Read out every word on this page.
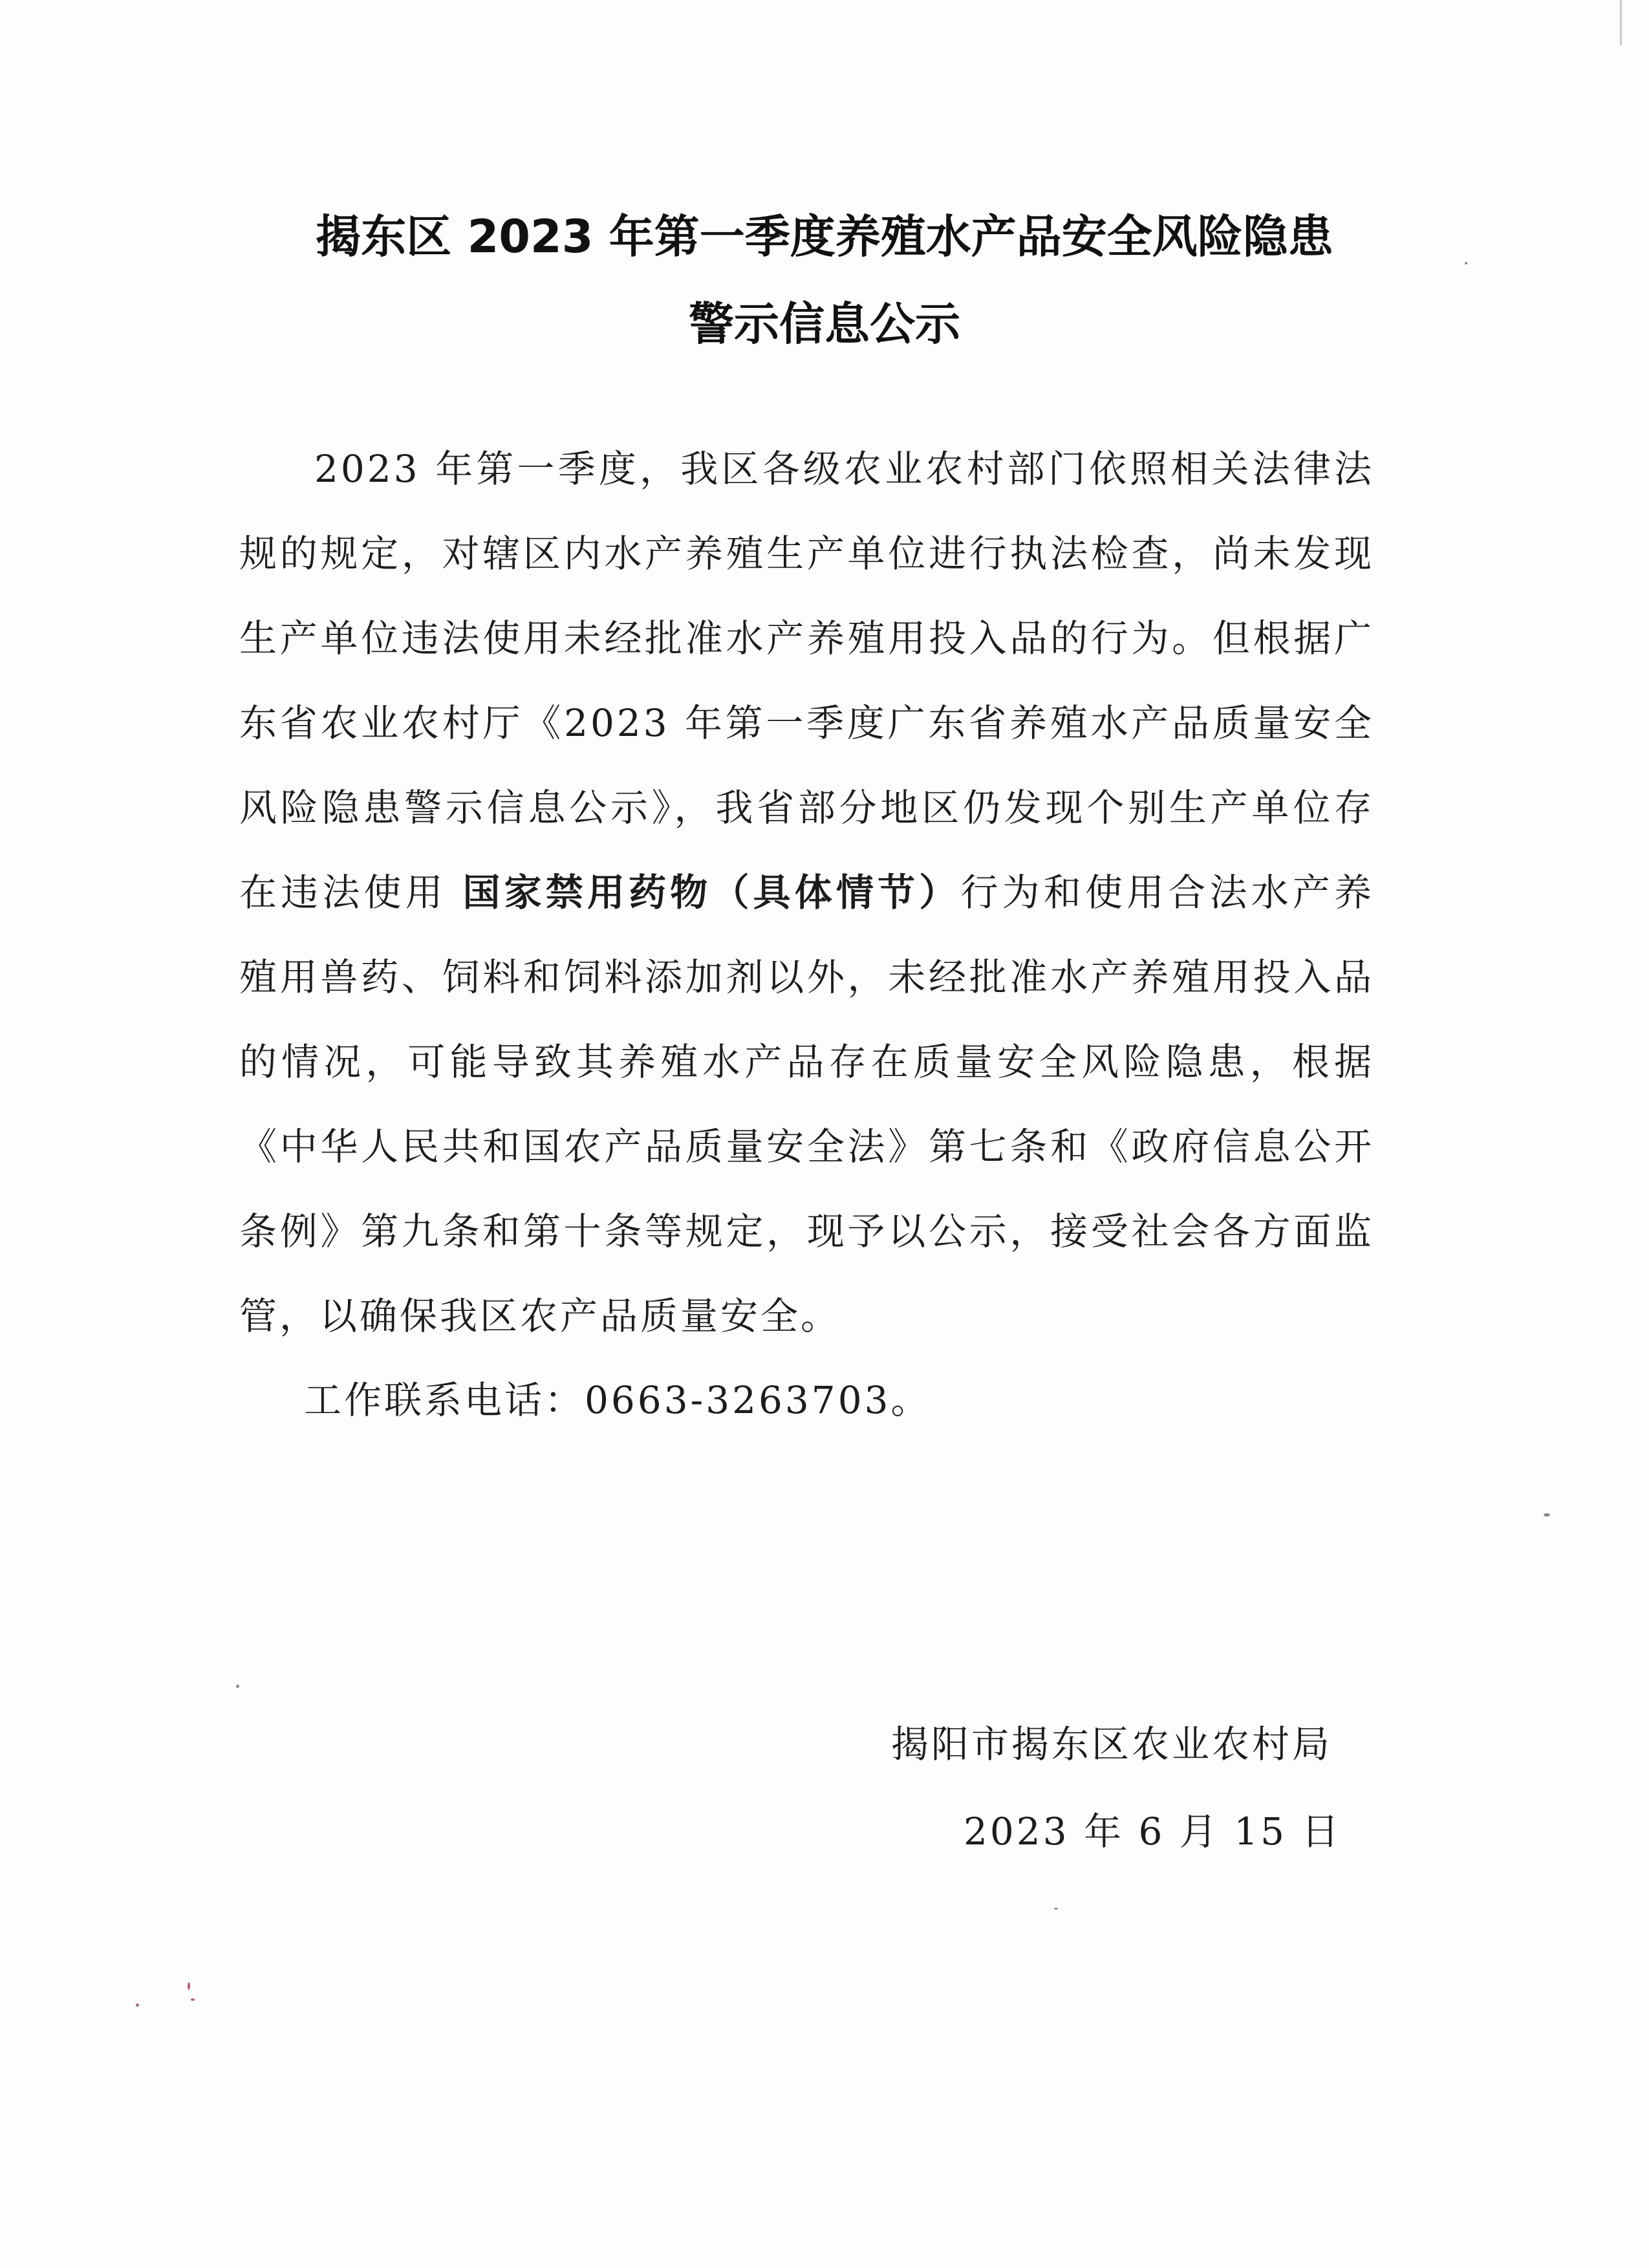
揭东区 2023 年第一季度养殖水产品安全风险隐患
警示信息公示

2023 年第一季度，我区各级农业农村部门依照相关法律法规的规定，对辖区内水产养殖生产单位进行执法检查，尚未发现生产单位违法使用未经批准水产养殖用投入品的行为。但根据广东省农业农村厅《2023 年第一季度广东省养殖水产品质量安全风险隐患警示信息公示》，我省部分地区仍发现个别生产单位存在违法使用 国家禁用药物（具体情节）行为和使用合法水产养殖用兽药、饲料和饲料添加剂以外，未经批准水产养殖用投入品的情况，可能导致其养殖水产品存在质量安全风险隐患，根据《中华人民共和国农产品质量安全法》第七条和《政府信息公开条例》第九条和第十条等规定，现予以公示，接受社会各方面监管，以确保我区农产品质量安全。

工作联系电话：0663-3263703。
揭阳市揭东区农业农村局
2023 年 6 月 15 日
